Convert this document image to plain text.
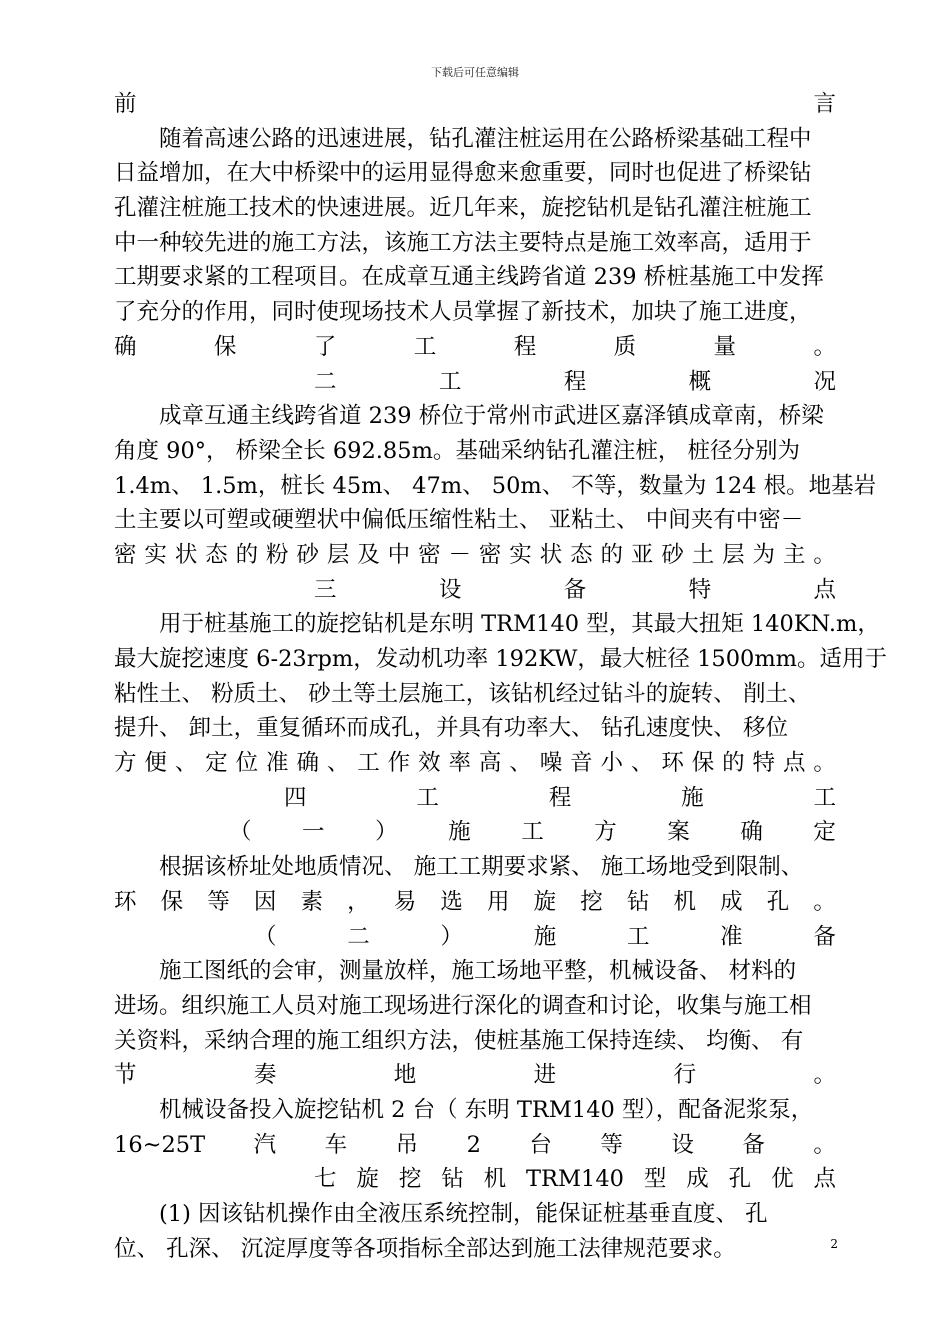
下载后可任意编辑
前	言
随着高速公路的迅速进展，钻孔灌注桩运用在公路桥梁基础工程中
日益增加，在大中桥梁中的运用显得愈来愈重要，同时也促进了桥梁钻
孔灌注桩施工技术的快速进展。近几年来，旋挖钻机是钻孔灌注桩施工
中一种较先进的施工方法，该施工方法主要特点是施工效率高，适用于
工期要求紧的工程项目。在成章互通主线跨省道 239 桥桩基施工中发挥
了充分的作用，同时使现场技术人员掌握了新技术，加块了施工进度，
确	保	了	工	程	质	量	。
二	工	程	概	况
成章互通主线跨省道 239 桥位于常州市武进区嘉泽镇成章南，桥梁
角度 90°， 桥梁全长 692.85m。基础采纳钻孔灌注桩， 桩径分别为
1.4m、 1.5m，桩长 45m、 47m、 50m、 不等，数量为 124 根。地基岩
土主要以可塑或硬塑状中偏低压缩性粘土、 亚粘土、 中间夹有中密－
密 实 状 态 的 粉 砂 层 及 中 密 － 密 实 状 态 的 亚 砂 土 层 为 主 。
三	设	备	特	点
用于桩基施工的旋挖钻机是东明 TRM140 型，其最大扭矩 140KN.m，
最大旋挖速度 6-23rpm，发动机功率 192KW，最大桩径 1500mm。适用于
粘性土、 粉质土、 砂土等土层施工，该钻机经过钻斗的旋转、 削土、
提升、 卸土，重复循环而成孔，并具有功率大、 钻孔速度快、 移位
方 便 、 定 位 准 确 、 工 作 效 率 高 、 噪 音 小 、 环 保 的 特 点 。
四	工	程	施	工
（ 一 ） 施 工 方 案 确 定
根据该桥址处地质情况、 施工工期要求紧、 施工场地受到限制、
环 保 等 因 素 ， 易 选 用 旋 挖 钻 机 成 孔 。
（	二	）	施	工	准	备
施工图纸的会审，测量放样，施工场地平整，机械设备、 材料的
进场。组织施工人员对施工现场进行深化的调查和讨论，收集与施工相
关资料，采纳合理的施工组织方法，使桩基施工保持连续、 均衡、 有
节	奏	地	进	行	。
机械设备投入旋挖钻机 2 台（ 东明 TRM140 型），配备泥浆泵，
16~25T 汽 车 吊 2 台 等 设 备 。
七 旋 挖 钻 机 TRM140 型 成 孔 优 点
(1) 因该钻机操作由全液压系统控制，能保证桩基垂直度、 孔
位、 孔深、 沉淀厚度等各项指标全部达到施工法律规范要求。	2
